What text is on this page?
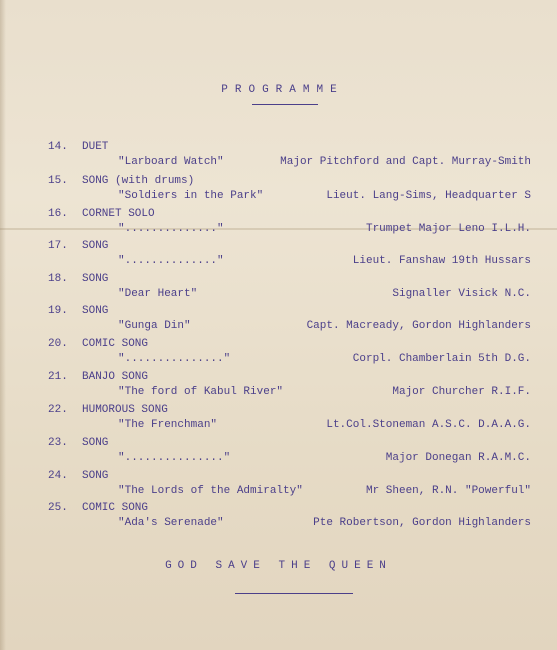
PROGRAMME
14. DUET
"Larboard Watch"	Major Pitchford and Capt. Murray-Smith
15. SONG (with drums)
"Soldiers in the Park"	Lieut. Lang-Sims, Headquarter S
16. CORNET SOLO
".............."	Trumpet Major Leno I.L.H.
17. SONG
".............."	Lieut. Fanshaw 19th Hussars
18. SONG
"Dear Heart"	Signaller Visick N.C.
19. SONG
"Gunga Din"	Capt. Macready, Gordon Highlanders
20. COMIC SONG
"..............."	Corpl. Chamberlain 5th D.G.
21. BANJO SONG
"The ford of Kabul River"	Major Churcher R.I.F.
22. HUMOROUS SONG
"The Frenchman"	Lt.Col.Stoneman A.S.C. D.A.A.G.
23. SONG
"..............."	Major Donegan R.A.M.C.
24. SONG
"The Lords of the Admiralty"	Mr Sheen, R.N. "Powerful"
25. COMIC SONG
"Ada's Serenade"	Pte Robertson, Gordon Highlanders
GOD SAVE THE QUEEN
